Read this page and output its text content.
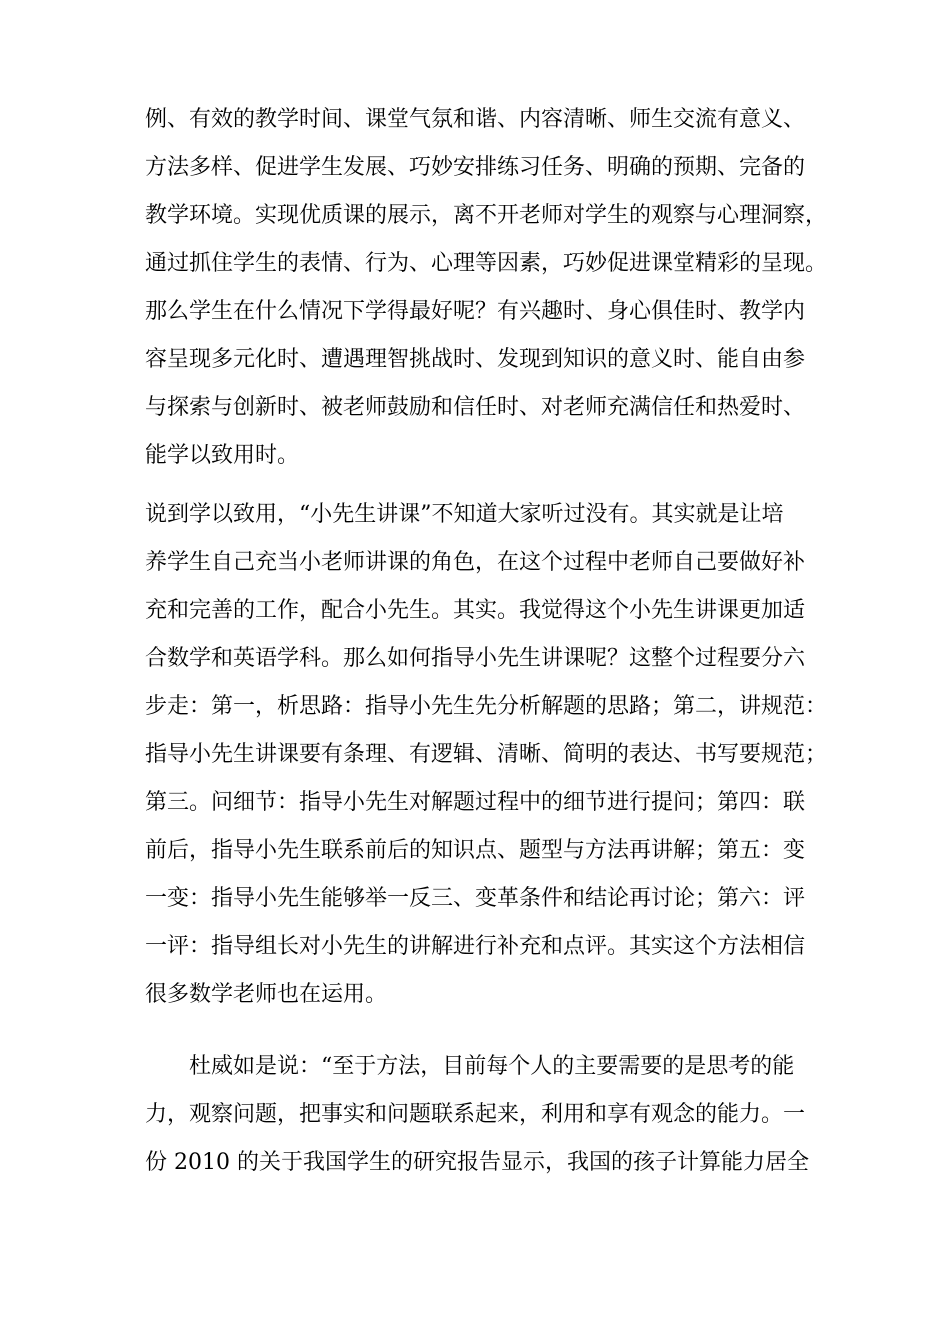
例、有效的教学时间、课堂气氛和谐、内容清晰、师生交流有意义、
方法多样、促进学生发展、巧妙安排练习任务、明确的预期、完备的
教学环境。实现优质课的展示，离不开老师对学生的观察与心理洞察，
通过抓住学生的表情、行为、心理等因素，巧妙促进课堂精彩的呈现。
那么学生在什么情况下学得最好呢？有兴趣时、身心俱佳时、教学内
容呈现多元化时、遭遇理智挑战时、发现到知识的意义时、能自由参
与探索与创新时、被老师鼓励和信任时、对老师充满信任和热爱时、
能学以致用时。
说到学以致用，“小先生讲课”不知道大家听过没有。其实就是让培
养学生自己充当小老师讲课的角色，在这个过程中老师自己要做好补
充和完善的工作，配合小先生。其实。我觉得这个小先生讲课更加适
合数学和英语学科。那么如何指导小先生讲课呢？这整个过程要分六
步走：第一，析思路：指导小先生先分析解题的思路；第二，讲规范：
指导小先生讲课要有条理、有逻辑、清晰、简明的表达、书写要规范；
第三。问细节：指导小先生对解题过程中的细节进行提问；第四：联
前后，指导小先生联系前后的知识点、题型与方法再讲解；第五：变
一变：指导小先生能够举一反三、变革条件和结论再讨论；第六：评
一评：指导组长对小先生的讲解进行补充和点评。其实这个方法相信
很多数学老师也在运用。
杜威如是说：“至于方法，目前每个人的主要需要的是思考的能
力，观察问题，把事实和问题联系起来，利用和享有观念的能力。一
份 2010 的关于我国学生的研究报告显示，我国的孩子计算能力居全
